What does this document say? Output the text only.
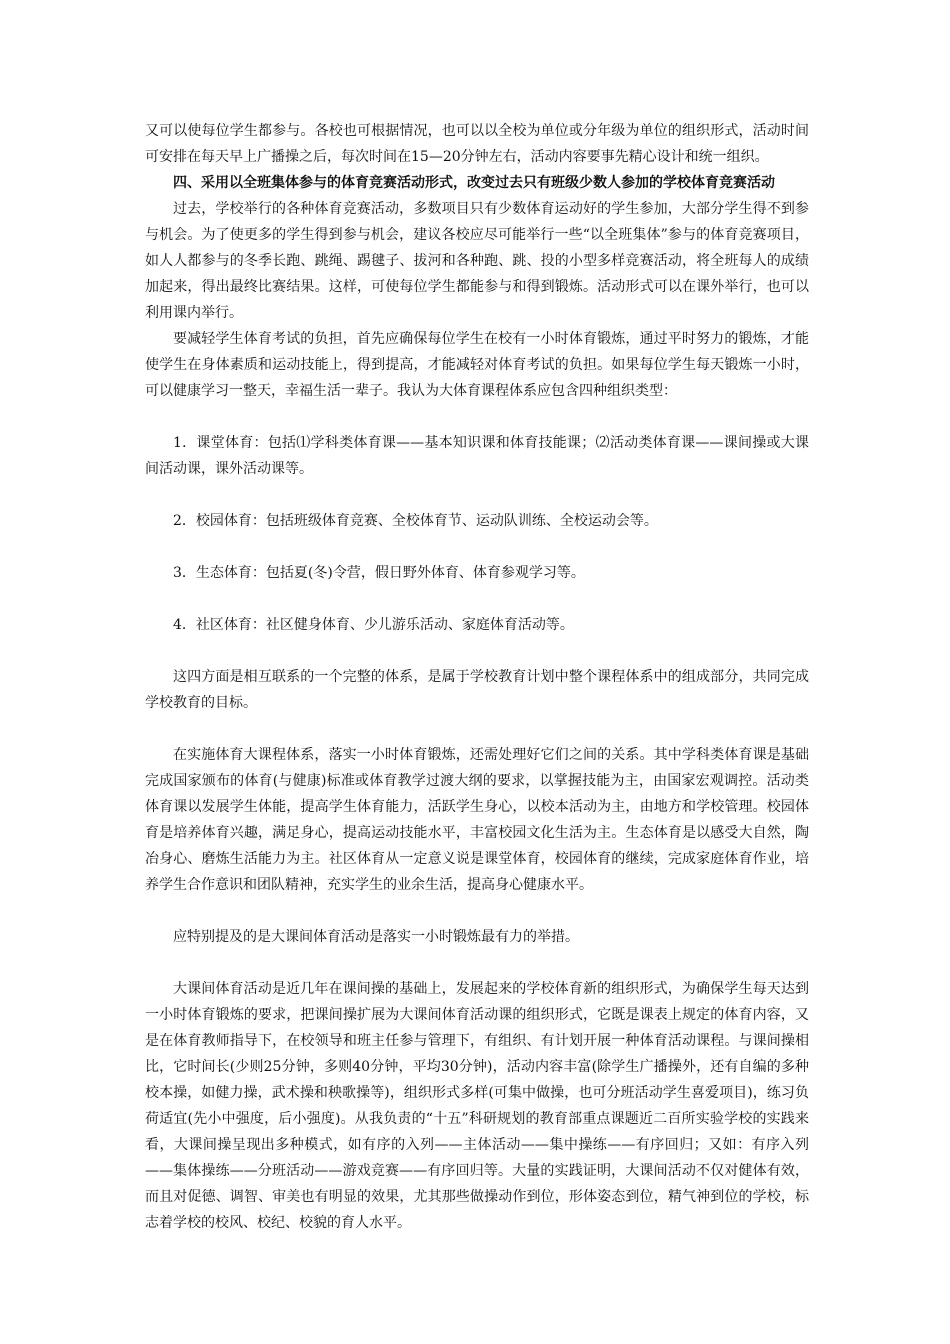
又可以使每位学生都参与。各校也可根据情况，也可以以全校为单位或分年级为单位的组织形式，活动时间可安排在每天早上广播操之后，每次时间在15—20分钟左右，活动内容要事先精心设计和统一组织。

四、采用以全班集体参与的体育竞赛活动形式，改变过去只有班级少数人参加的学校体育竞赛活动

过去，学校举行的各种体育竞赛活动，多数项目只有少数体育运动好的学生参加，大部分学生得不到参与机会。为了使更多的学生得到参与机会，建议各校应尽可能举行一些“以全班集体”参与的体育竞赛项目，如人人都参与的冬季长跑、跳绳、踢毽子、拔河和各种跑、跳、投的小型多样竞赛活动，将全班每人的成绩加起来，得出最终比赛结果。这样，可使每位学生都能参与和得到锻炼。活动形式可以在课外举行，也可以利用课内举行。

要减轻学生体育考试的负担，首先应确保每位学生在校有一小时体育锻炼，通过平时努力的锻炼，才能使学生在身体素质和运动技能上，得到提高，才能减轻对体育考试的负担。如果每位学生每天锻炼一小时，可以健康学习一整天，幸福生活一辈子。我认为大体育课程体系应包含四种组织类型：

1．课堂体育：包括⑴学科类体育课——基本知识课和体育技能课；⑵活动类体育课——课间操或大课间活动课，课外活动课等。

2．校园体育：包括班级体育竞赛、全校体育节、运动队训练、全校运动会等。

3．生态体育：包括夏(冬)令营，假日野外体育、体育参观学习等。

4．社区体育：社区健身体育、少儿游乐活动、家庭体育活动等。

这四方面是相互联系的一个完整的体系，是属于学校教育计划中整个课程体系中的组成部分，共同完成学校教育的目标。

在实施体育大课程体系，落实一小时体育锻炼，还需处理好它们之间的关系。其中学科类体育课是基础完成国家颁布的体育(与健康)标准或体育教学过渡大纲的要求，以掌握技能为主，由国家宏观调控。活动类体育课以发展学生体能，提高学生体育能力，活跃学生身心，以校本活动为主，由地方和学校管理。校园体育是培养体育兴趣，满足身心，提高运动技能水平，丰富校园文化生活为主。生态体育是以感受大自然，陶冶身心、磨炼生活能力为主。社区体育从一定意义说是课堂体育，校园体育的继续，完成家庭体育作业，培养学生合作意识和团队精神，充实学生的业余生活，提高身心健康水平。

应特别提及的是大课间体育活动是落实一小时锻炼最有力的举措。

大课间体育活动是近几年在课间操的基础上，发展起来的学校体育新的组织形式，为确保学生每天达到一小时体育锻炼的要求，把课间操扩展为大课间体育活动课的组织形式，它既是课表上规定的体育内容，又是在体育教师指导下，在校领导和班主任参与管理下，有组织、有计划开展一种体育活动课程。与课间操相比，它时间长(少则25分钟，多则40分钟，平均30分钟)，活动内容丰富(除学生广播操外，还有自编的多种校本操，如健力操，武术操和秧歌操等)，组织形式多样(可集中做操，也可分班活动学生喜爱项目)，练习负荷适宜(先小中强度，后小强度)。从我负责的“十五”科研规划的教育部重点课题近二百所实验学校的实践来看，大课间操呈现出多种模式，如有序的入列——主体活动——集中操练——有序回归；又如：有序入列——集体操练——分班活动——游戏竞赛——有序回归等。大量的实践证明，大课间活动不仅对健体有效，而且对促德、调智、审美也有明显的效果，尤其那些做操动作到位，形体姿态到位，精气神到位的学校，标志着学校的校风、校纪、校貌的育人水平。
